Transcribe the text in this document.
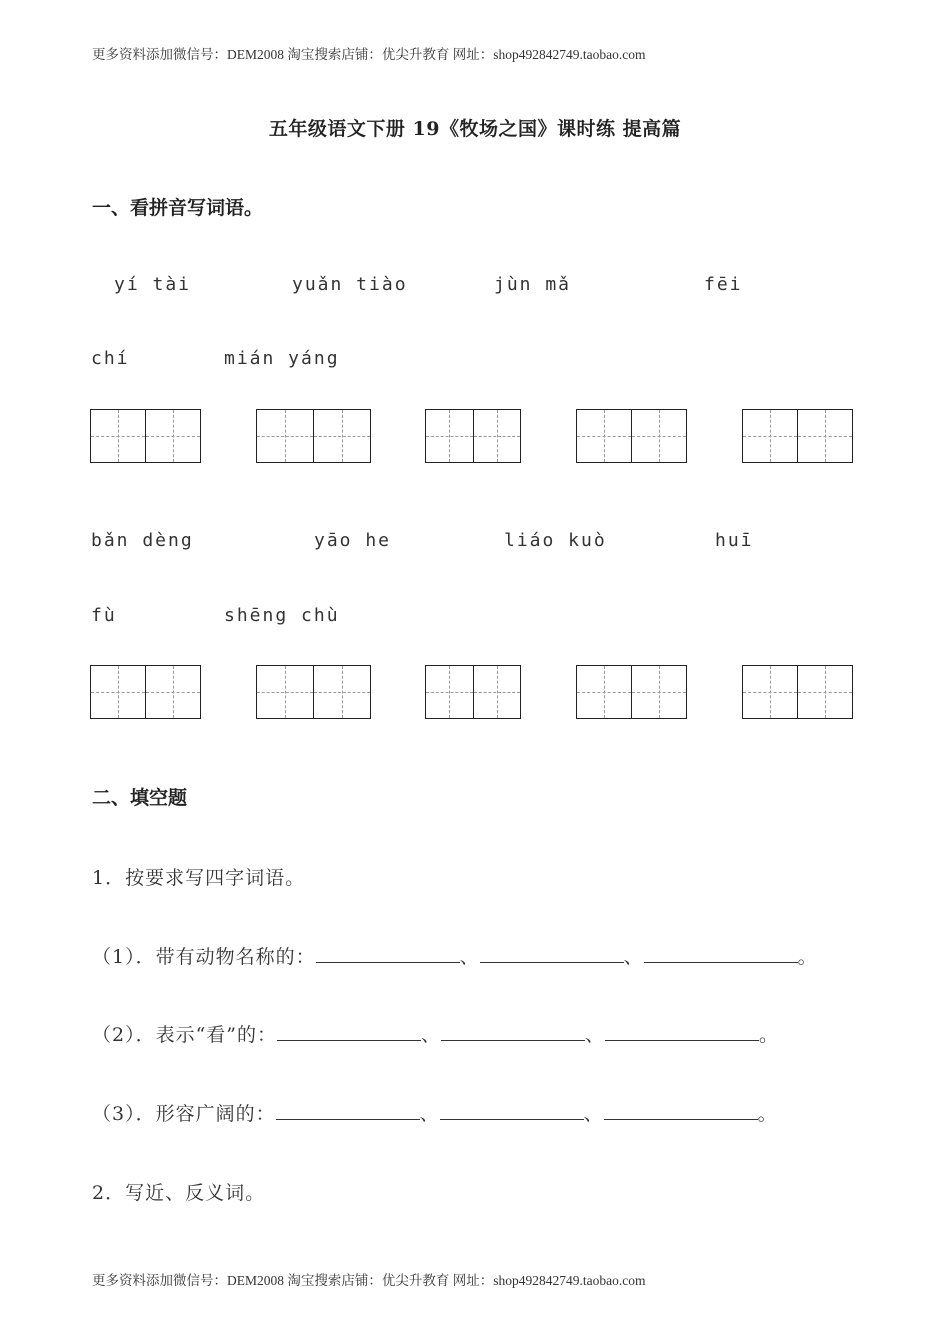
更多资料添加微信号：DEM2008 淘宝搜索店铺：优尖升教育 网址：shop492842749.taobao.com
五年级语文下册 19《牧场之国》课时练 提高篇
一、看拼音写词语。
yí tài	yuǎn tiào	jùn mǎ	fēi
chí	mián yáng
bǎn dèng	yāo he	liáo kuò	huī
fù	shēng chù
二、填空题
1．按要求写四字词语。
（1）．带有动物名称的：	、	、	。
（2）．表示“看”的：	、	、	。
（3）．形容广阔的：	、	、	。
2．写近、反义词。
更多资料添加微信号：DEM2008 淘宝搜索店铺：优尖升教育 网址：shop492842749.taobao.com
